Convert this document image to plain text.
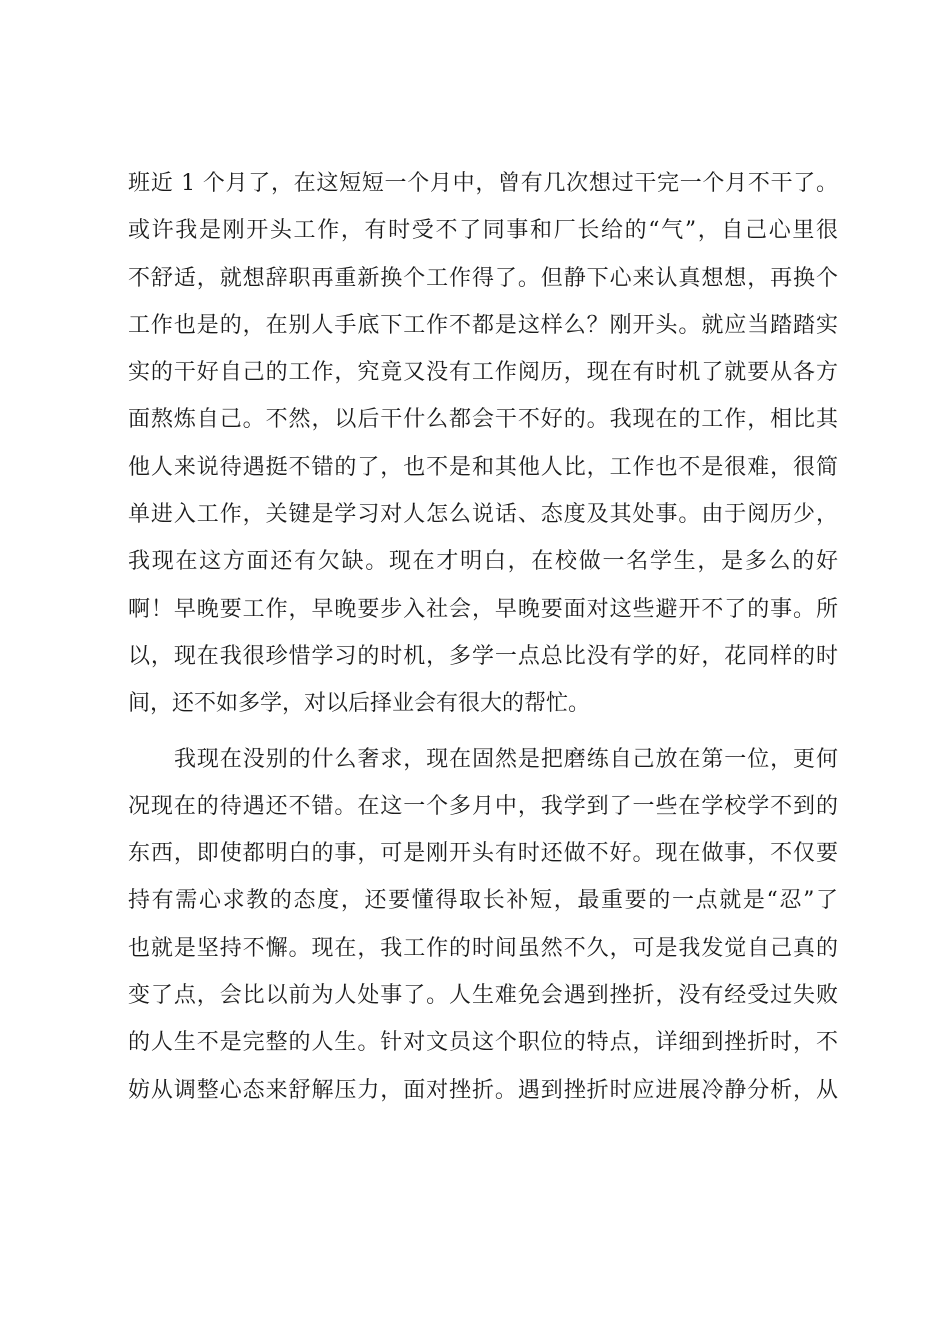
班近 1 个月了，在这短短一个月中，曾有几次想过干完一个月不干了。
或许我是刚开头工作，有时受不了同事和厂长给的“气”，自己心里很
不舒适，就想辞职再重新换个工作得了。但静下心来认真想想，再换个
工作也是的，在别人手底下工作不都是这样么？刚开头。就应当踏踏实
实的干好自己的工作，究竟又没有工作阅历，现在有时机了就要从各方
面熬炼自己。不然，以后干什么都会干不好的。我现在的工作，相比其
他人来说待遇挺不错的了，也不是和其他人比，工作也不是很难，很简
单进入工作，关键是学习对人怎么说话、态度及其处事。由于阅历少，
我现在这方面还有欠缺。现在才明白，在校做一名学生，是多么的好
啊！早晚要工作，早晚要步入社会，早晚要面对这些避开不了的事。所
以，现在我很珍惜学习的时机，多学一点总比没有学的好，花同样的时
间，还不如多学，对以后择业会有很大的帮忙。
我现在没别的什么奢求，现在固然是把磨练自己放在第一位，更何
况现在的待遇还不错。在这一个多月中，我学到了一些在学校学不到的
东西，即使都明白的事，可是刚开头有时还做不好。现在做事，不仅要
持有需心求教的态度，还要懂得取长补短，最重要的一点就是“忍”了
也就是坚持不懈。现在，我工作的时间虽然不久，可是我发觉自己真的
变了点，会比以前为人处事了。人生难免会遇到挫折，没有经受过失败
的人生不是完整的人生。针对文员这个职位的特点，详细到挫折时，不
妨从调整心态来舒解压力，面对挫折。遇到挫折时应进展冷静分析，从
